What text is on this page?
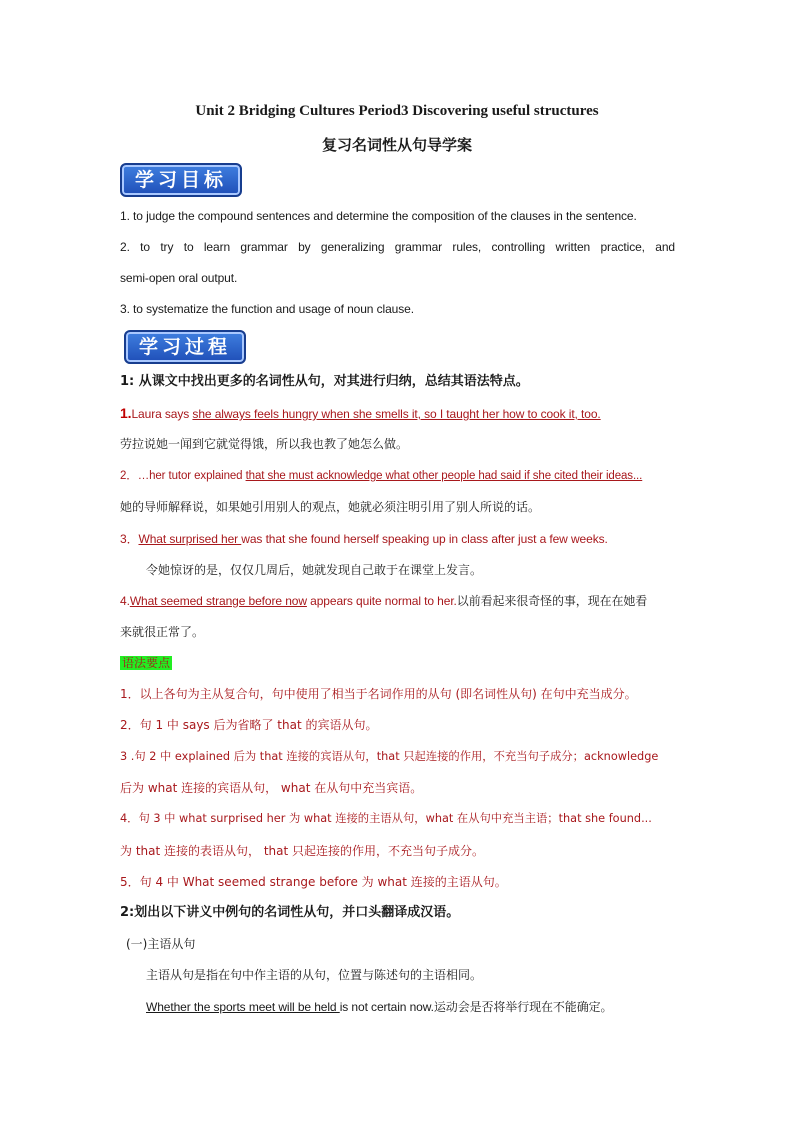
Unit 2 Bridging Cultures Period3 Discovering useful structures
复习名词性从句导学案
学习目标
1. to judge the compound sentences and determine the composition of the clauses in the sentence.
2. to try to learn grammar by generalizing grammar rules, controlling written practice, and
semi-open oral output.
3. to systematize the function and usage of noun clause.
学习过程
1: 从课文中找出更多的名词性从句，对其进行归纳，总结其语法特点。
1.Laura says she always feels hungry when she smells it, so I taught her how to cook it, too.
劳拉说她一闻到它就觉得饿，所以我也教了她怎么做。
2．…her tutor explained that she must acknowledge what other people had said if she cited their ideas...
她的导师解释说，如果她引用别人的观点，她就必须注明引用了别人所说的话。
3．What surprised her was that she found herself speaking up in class after just a few weeks.
令她惊讶的是，仅仅几周后，她就发现自己敢于在课堂上发言。
4.What seemed strange before now appears quite normal to her.以前看起来很奇怪的事，现在在她看
来就很正常了。
语法要点
1．以上各句为主从复合句，句中使用了相当于名词作用的从句 (即名词性从句) 在句中充当成分。
2．句 1 中 says 后为省略了 that 的宾语从句。
3 .句 2 中 explained 后为 that 连接的宾语从句，that 只起连接的作用，不充当句子成分；acknowledge
后为 what 连接的宾语从句， what 在从句中充当宾语。
4．句 3 中 what surprised her 为 what 连接的主语从句，what 在从句中充当主语；that she found...
为 that 连接的表语从句， that 只起连接的作用，不充当句子成分。
5．句 4 中 What seemed strange before 为 what 连接的主语从句。
2:划出以下讲义中例句的名词性从句，并口头翻译成汉语。
(一)主语从句
主语从句是指在句中作主语的从句，位置与陈述句的主语相同。
Whether the sports meet will be held is not certain now.运动会是否将举行现在不能确定。
